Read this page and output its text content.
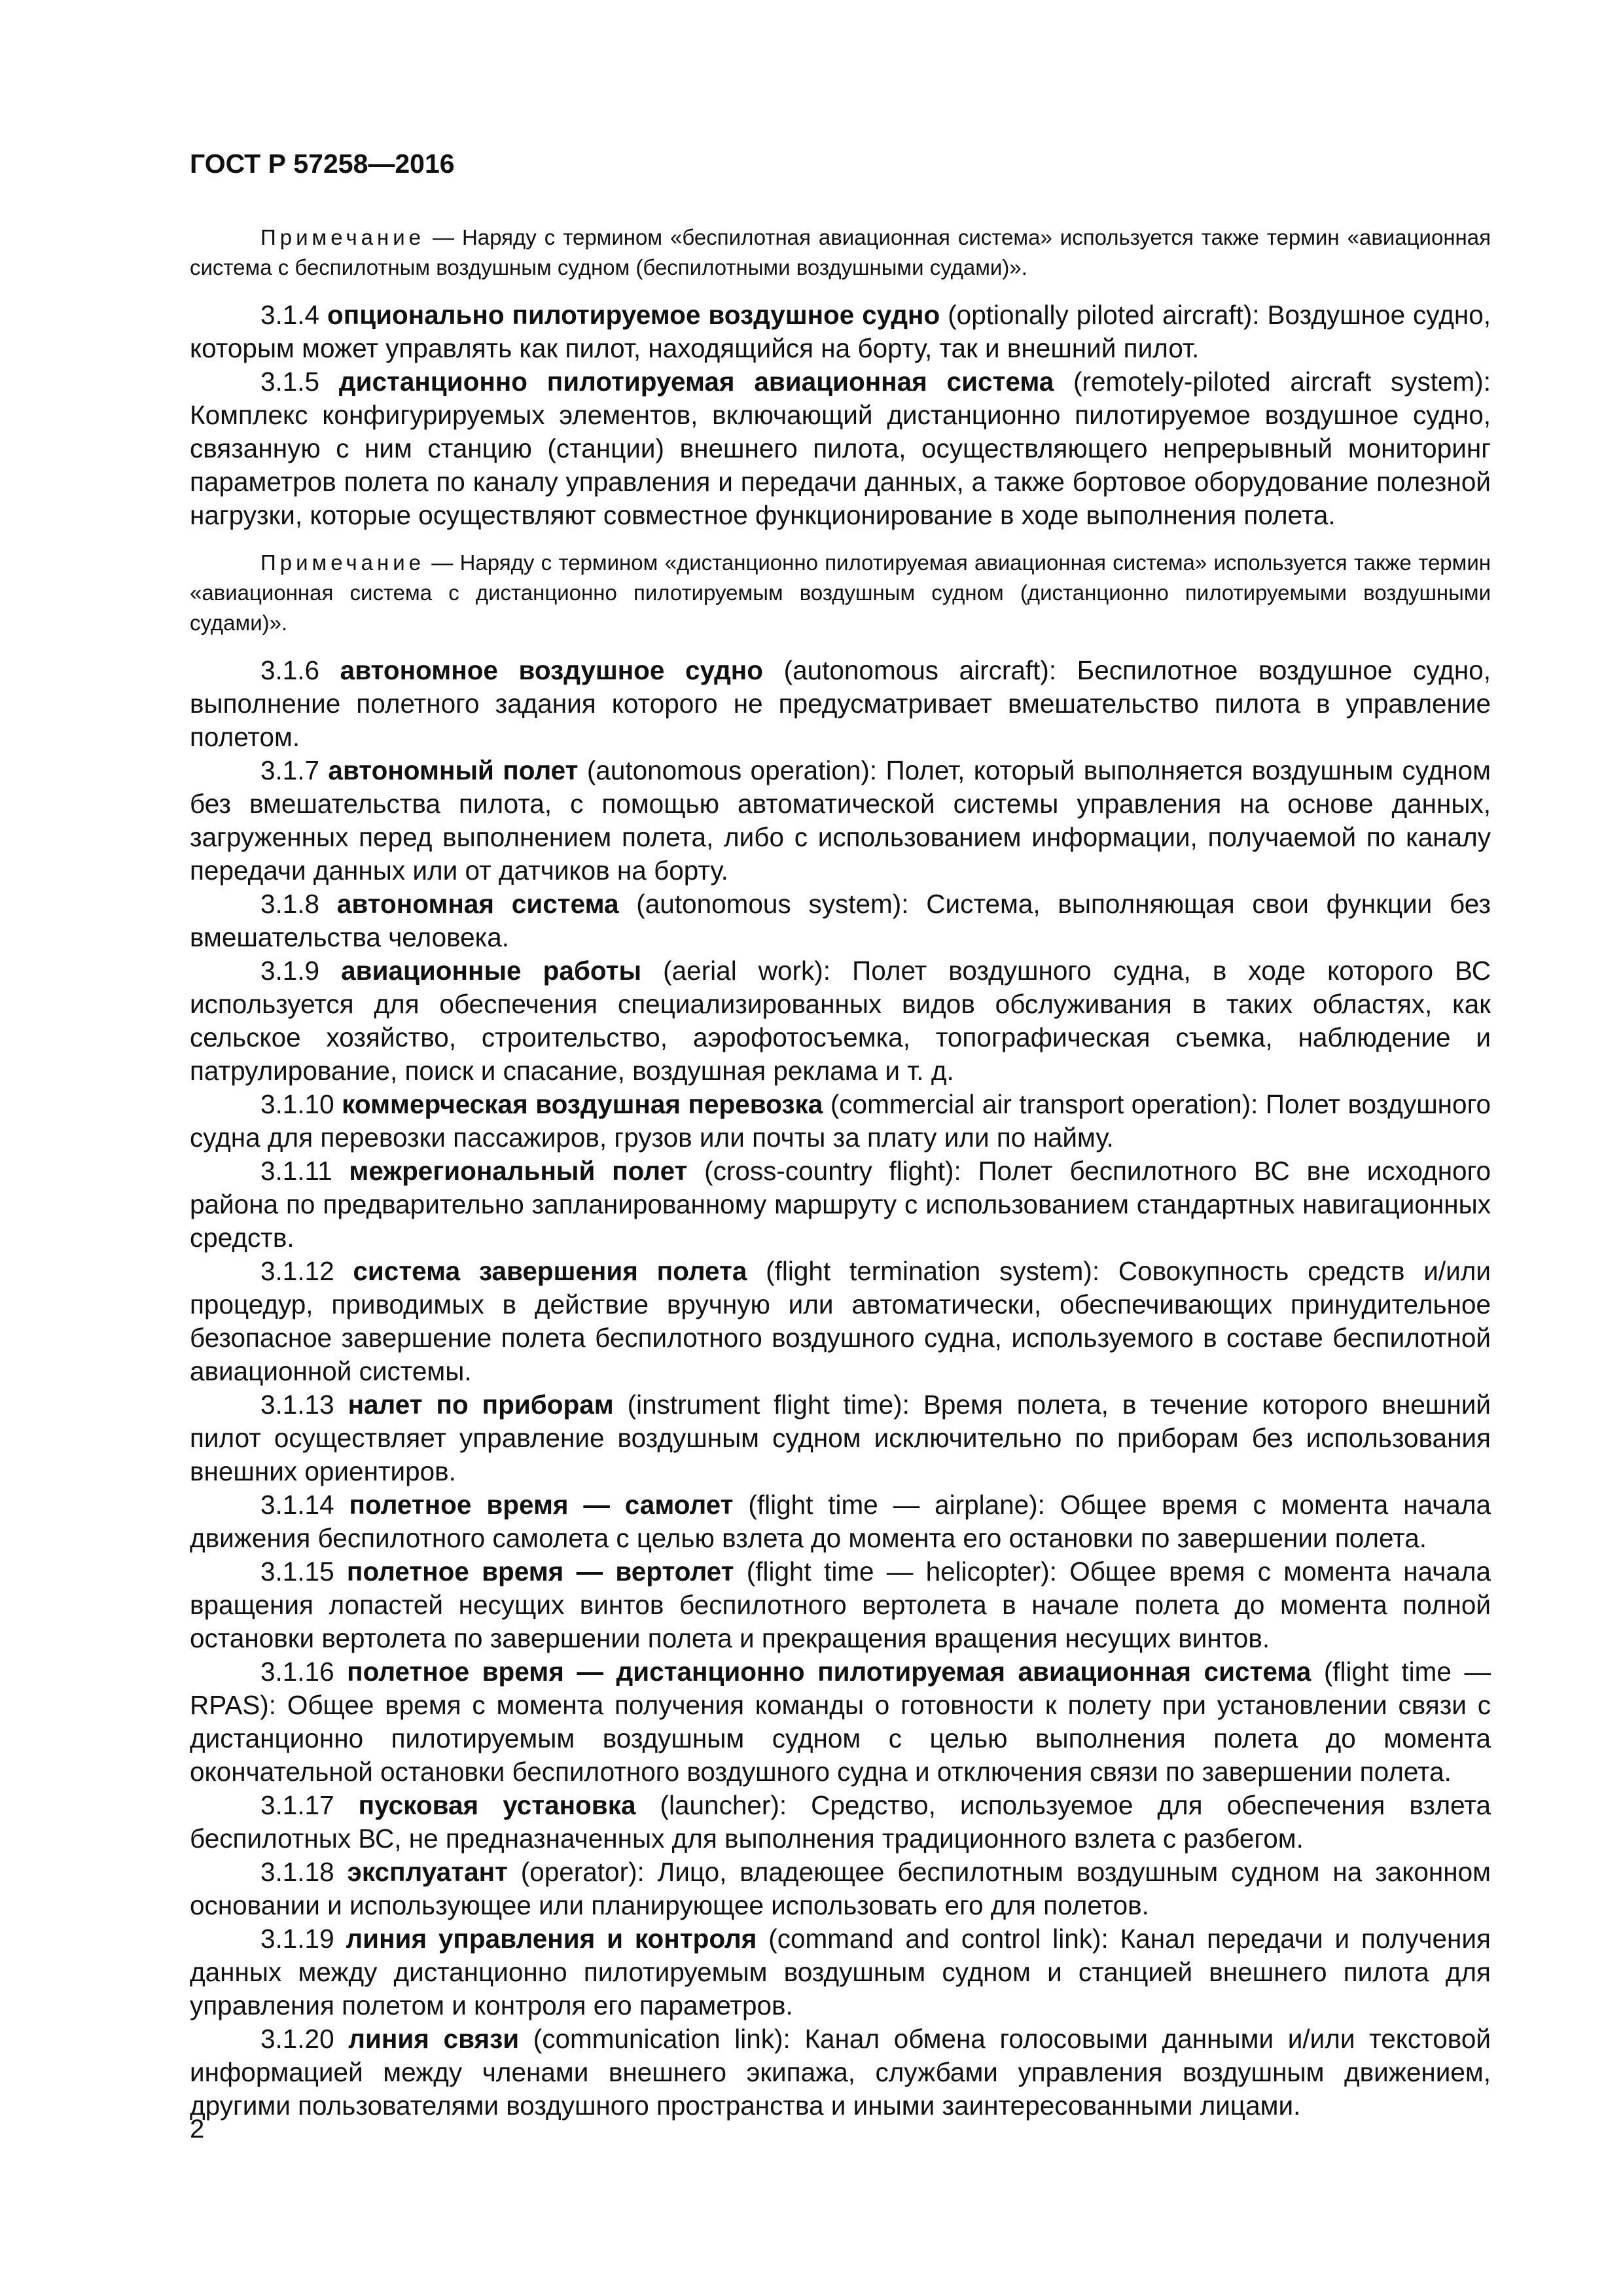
ГОСТ Р 57258—2016

Примечание — Наряду с термином «беспилотная авиационная система» используется также термин «авиационная система с беспилотным воздушным судном (беспилотными воздушными судами)».

3.1.4 опционально пилотируемое воздушное судно (optionally piloted aircraft): Воздушное судно, которым может управлять как пилот, находящийся на борту, так и внешний пилот.

3.1.5 дистанционно пилотируемая авиационная система (remotely-piloted aircraft system): Комплекс конфигурируемых элементов, включающий дистанционно пилотируемое воздушное судно, связанную с ним станцию (станции) внешнего пилота, осуществляющего непрерывный мониторинг параметров полета по каналу управления и передачи данных, а также бортовое оборудование полезной нагрузки, которые осуществляют совместное функционирование в ходе выполнения полета.

Примечание — Наряду с термином «дистанционно пилотируемая авиационная система» используется также термин «авиационная система с дистанционно пилотируемым воздушным судном (дистанционно пилотируемыми воздушными судами)».

3.1.6 автономное воздушное судно (autonomous aircraft): Беспилотное воздушное судно, выполнение полетного задания которого не предусматривает вмешательство пилота в управление полетом.

3.1.7 автономный полет (autonomous operation): Полет, который выполняется воздушным судном без вмешательства пилота, с помощью автоматической системы управления на основе данных, загруженных перед выполнением полета, либо с использованием информации, получаемой по каналу передачи данных или от датчиков на борту.

3.1.8 автономная система (autonomous system): Система, выполняющая свои функции без вмешательства человека.

3.1.9 авиационные работы (aerial work): Полет воздушного судна, в ходе которого ВС используется для обеспечения специализированных видов обслуживания в таких областях, как сельское хозяйство, строительство, аэрофотосъемка, топографическая съемка, наблюдение и патрулирование, поиск и спасание, воздушная реклама и т. д.

3.1.10 коммерческая воздушная перевозка (commercial air transport operation): Полет воздушного судна для перевозки пассажиров, грузов или почты за плату или по найму.

3.1.11 межрегиональный полет (cross-country flight): Полет беспилотного ВС вне исходного района по предварительно запланированному маршруту с использованием стандартных навигационных средств.

3.1.12 система завершения полета (flight termination system): Совокупность средств и/или процедур, приводимых в действие вручную или автоматически, обеспечивающих принудительное безопасное завершение полета беспилотного воздушного судна, используемого в составе беспилотной авиационной системы.

3.1.13 налет по приборам (instrument flight time): Время полета, в течение которого внешний пилот осуществляет управление воздушным судном исключительно по приборам без использования внешних ориентиров.

3.1.14 полетное время — самолет (flight time — airplane): Общее время с момента начала движения беспилотного самолета с целью взлета до момента его остановки по завершении полета.

3.1.15 полетное время — вертолет (flight time — helicopter): Общее время с момента начала вращения лопастей несущих винтов беспилотного вертолета в начале полета до момента полной остановки вертолета по завершении полета и прекращения вращения несущих винтов.

3.1.16 полетное время — дистанционно пилотируемая авиационная система (flight time — RPAS): Общее время с момента получения команды о готовности к полету при установлении связи с дистанционно пилотируемым воздушным судном с целью выполнения полета до момента окончательной остановки беспилотного воздушного судна и отключения связи по завершении полета.

3.1.17 пусковая установка (launcher): Средство, используемое для обеспечения взлета беспилотных ВС, не предназначенных для выполнения традиционного взлета с разбегом.

3.1.18 эксплуатант (operator): Лицо, владеющее беспилотным воздушным судном на законном основании и использующее или планирующее использовать его для полетов.

3.1.19 линия управления и контроля (command and control link): Канал передачи и получения данных между дистанционно пилотируемым воздушным судном и станцией внешнего пилота для управления полетом и контроля его параметров.

3.1.20 линия связи (communication link): Канал обмена голосовыми данными и/или текстовой информацией между членами внешнего экипажа, службами управления воздушным движением, другими пользователями воздушного пространства и иными заинтересованными лицами.

2
